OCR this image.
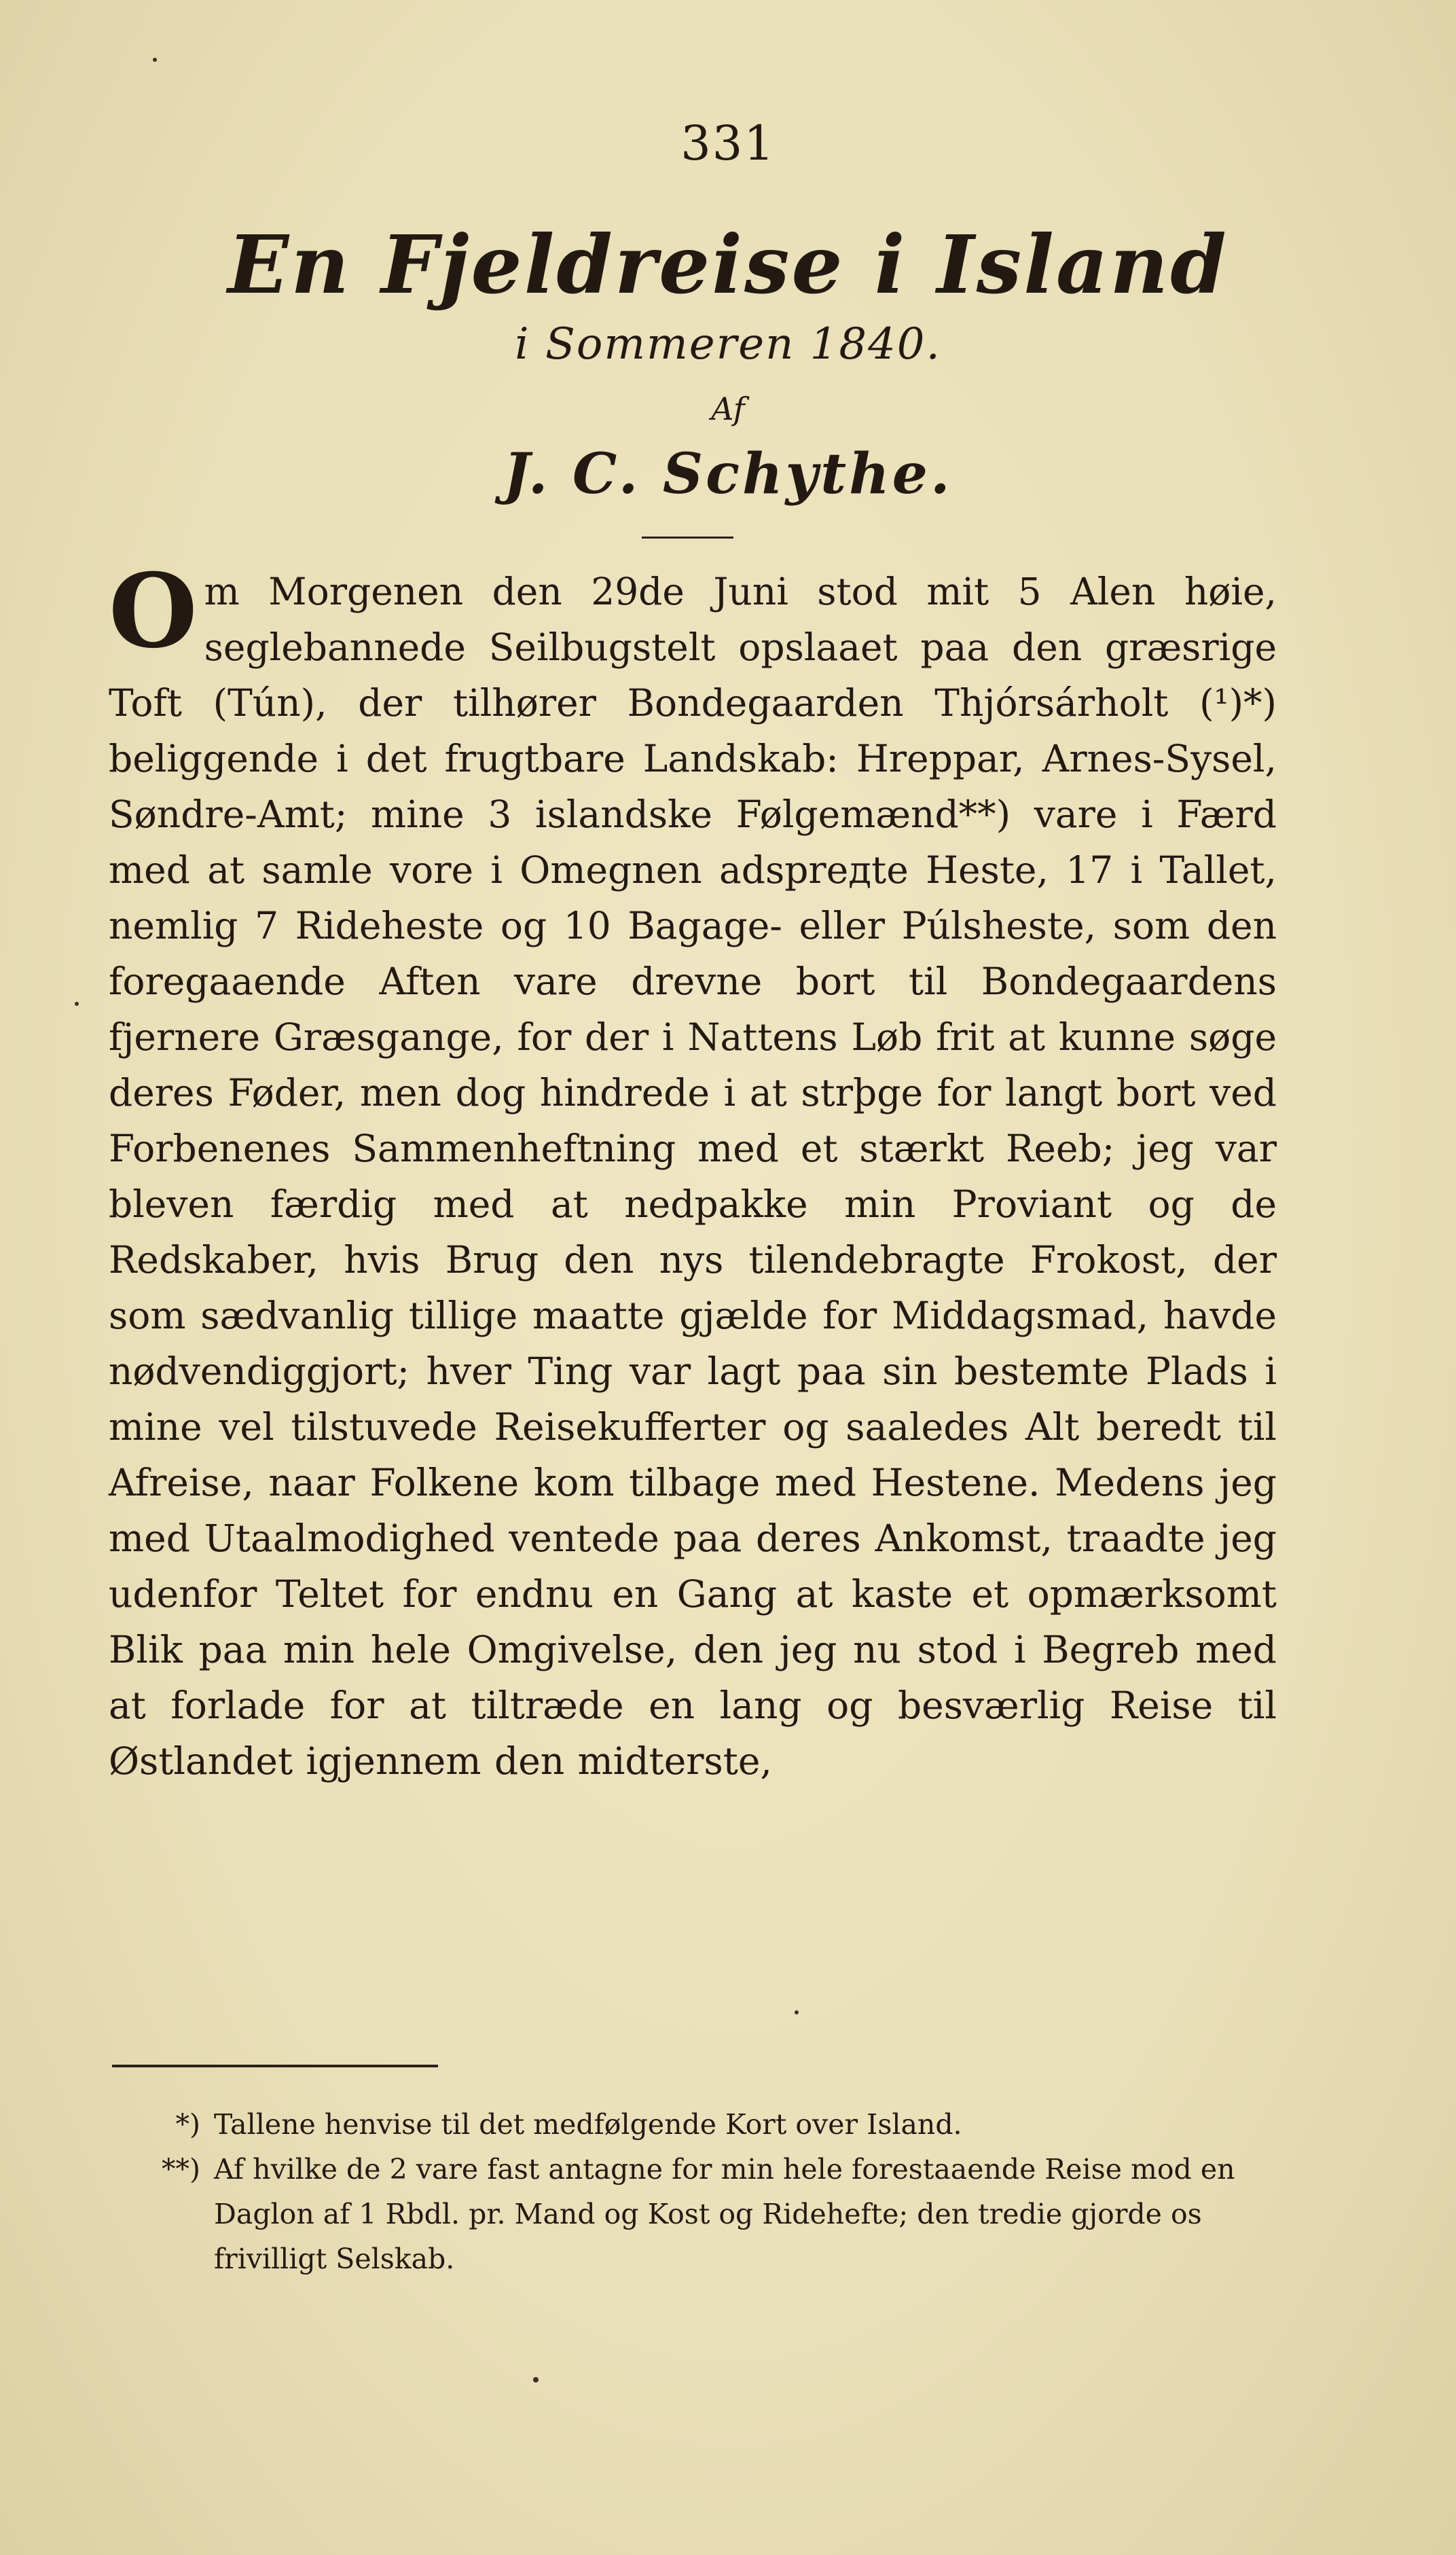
331
En Fjeldreise i Island
i Sommeren 1840.
Af
J. C. Schythe.
Om Morgenen den 29de Juni stod mit 5 Alen høie, seglebannede Seilbugstelt opslaaet paa den græsrige Toft (Tún), der tilhører Bondegaarden Thjórsárholt (¹)*) beliggende i det frugtbare Landskab: Hreppar, Arnes-Sysel, Søndre-Amt; mine 3 islandske Følgemænd**) vare i Færd med at samle vore i Omegnen adsprедte Heste, 17 i Tallet, nemlig 7 Rideheste og 10 Bagage- eller Púlsheste, som den foregaaende Aften vare drevne bort til Bondegaardens fjernere Græsgange, for der i Nattens Løb frit at kunne søge deres Føder, men dog hindrede i at strþge for langt bort ved Forbenenes Sammenheftning med et stærkt Reeb; jeg var bleven færdig med at nedpakke min Proviant og de Redskaber, hvis Brug den nys tilendebragte Frokost, der som sædvanlig tillige maatte gjælde for Middagsmad, havde nødvendiggjort; hver Ting var lagt paa sin bestemte Plads i mine vel tilstuvede Reisekufferter og saaledes Alt beredt til Afreise, naar Folkene kom tilbage med Hestene. Medens jeg med Utaalmodighed ventede paa deres Ankomst, traadte jeg udenfor Teltet for endnu en Gang at kaste et opmærksomt Blik paa min hele Omgivelse, den jeg nu stod i Begreb med at forlade for at tiltræde en lang og besværlig Reise til Østlandet igjennem den midterste,
*) Tallene henvise til det medfølgende Kort over Island.
**) Af hvilke de 2 vare fast antagne for min hele forestaaende Reise mod en Daglon af 1 Rbdl. pr. Mand og Kost og Ridehefte; den tredie gjorde os frivilligt Selskab.
